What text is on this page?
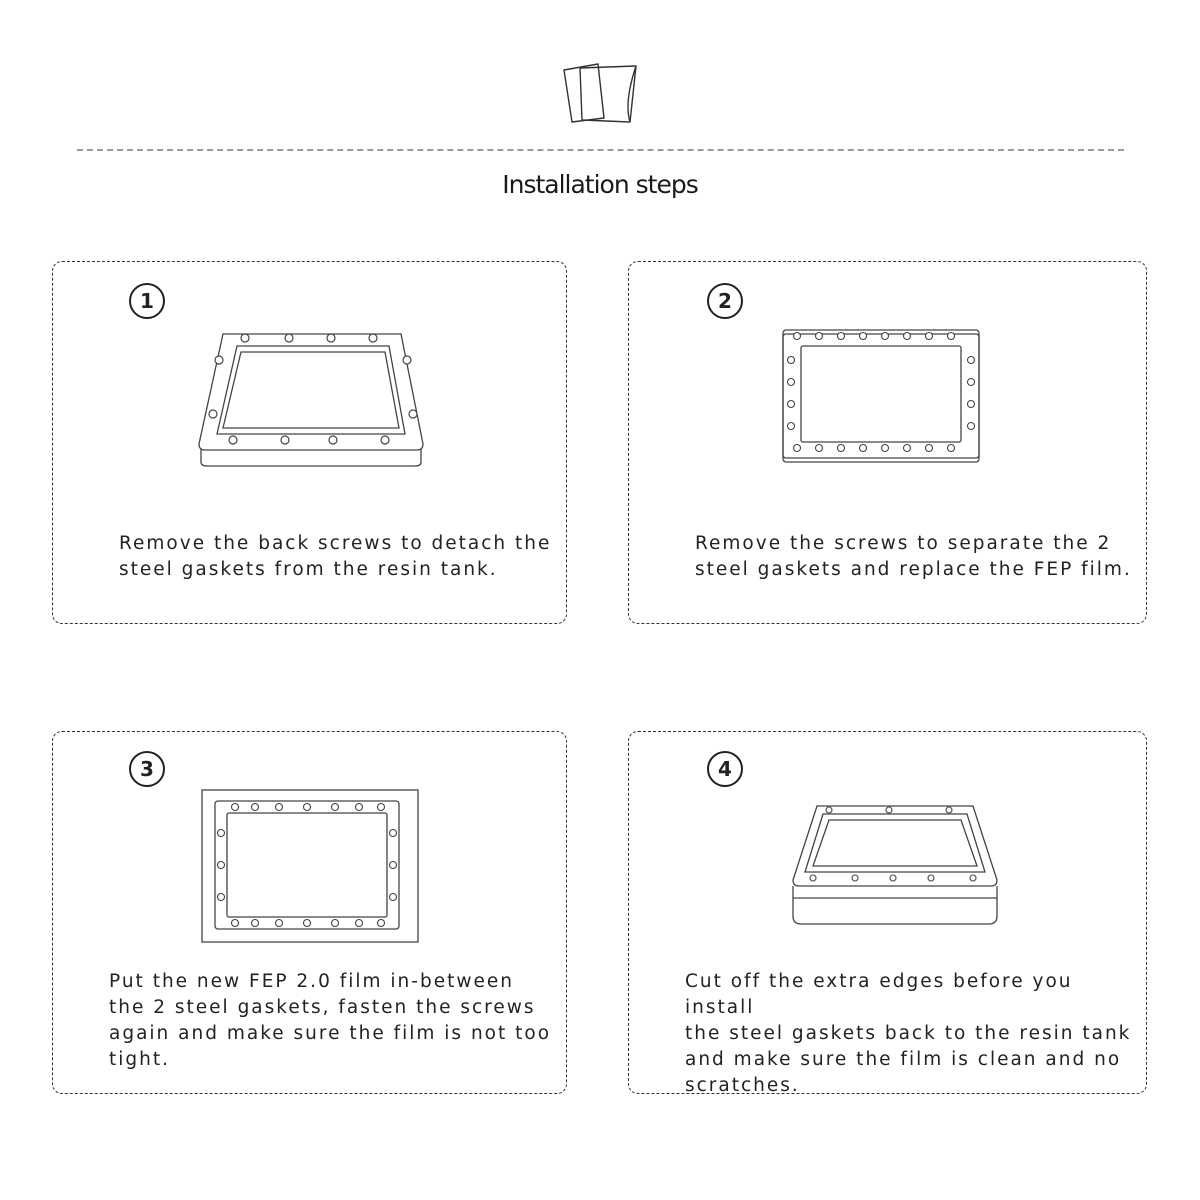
Installation steps
1

Remove the back screws to detach the
steel gaskets from the resin tank.

2

Remove the screws to separate the 2
steel gaskets and replace the FEP film.

3

Put the new FEP 2.0 film in-between
the 2 steel gaskets, fasten the screws
again and make sure the film is not too
tight.

4

Cut off the extra edges before you install
the steel gaskets back to the resin tank
and make sure the film is clean and no
scratches.
